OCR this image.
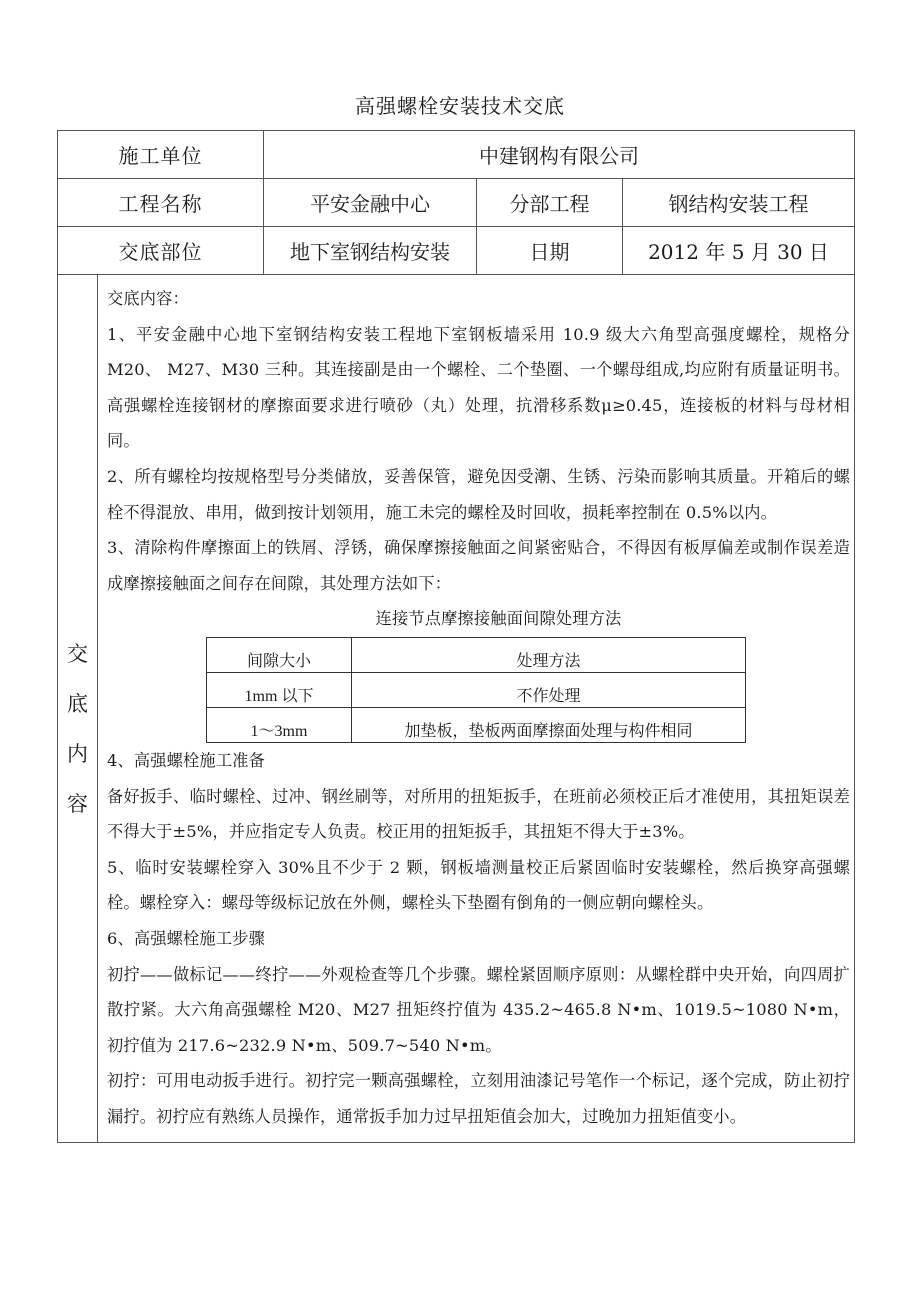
高强螺栓安装技术交底
施工单位	中建钢构有限公司
工程名称	平安金融中心	分部工程	钢结构安装工程
交底部位	地下室钢结构安装	日期	2012 年 5 月 30 日

交
底
内
容

交底内容：

1、平安金融中心地下室钢结构安装工程地下室钢板墙采用 10.9 级大六角型高强度螺栓，规格分 M20、 M27、M30 三种。其连接副是由一个螺栓、二个垫圈、一个螺母组成,均应附有质量证明书。高强螺栓连接钢材的摩擦面要求进行喷砂（丸）处理，抗滑移系数μ≥0.45，连接板的材料与母材相同。

2、所有螺栓均按规格型号分类储放，妥善保管，避免因受潮、生锈、污染而影响其质量。开箱后的螺栓不得混放、串用，做到按计划领用，施工未完的螺栓及时回收，损耗率控制在 0.5%以内。

3、清除构件摩擦面上的铁屑、浮锈，确保摩擦接触面之间紧密贴合，不得因有板厚偏差或制作误差造成摩擦接触面之间存在间隙，其处理方法如下：

连接节点摩擦接触面间隙处理方法

间隙大小	处理方法
1mm 以下	不作处理
1～3mm	加垫板，垫板两面摩擦面处理与构件相同

4、高强螺栓施工准备

备好扳手、临时螺栓、过冲、钢丝刷等，对所用的扭矩扳手，在班前必须校正后才准使用，其扭矩误差不得大于±5%，并应指定专人负责。校正用的扭矩扳手，其扭矩不得大于±3%。

5、临时安装螺栓穿入 30%且不少于 2 颗，钢板墙测量校正后紧固临时安装螺栓，然后换穿高强螺栓。螺栓穿入：螺母等级标记放在外侧，螺栓头下垫圈有倒角的一侧应朝向螺栓头。

6、高强螺栓施工步骤

初拧——做标记——终拧——外观检查等几个步骤。螺栓紧固顺序原则：从螺栓群中央开始，向四周扩散拧紧。大六角高强螺栓 M20、M27 扭矩终拧值为 435.2~465.8 N•m、1019.5~1080 N•m，初拧值为 217.6~232.9 N•m、509.7~540 N•m。

初拧：可用电动扳手进行。初拧完一颗高强螺栓，立刻用油漆记号笔作一个标记，逐个完成，防止初拧漏拧。初拧应有熟练人员操作，通常扳手加力过早扭矩值会加大，过晚加力扭矩值变小。
